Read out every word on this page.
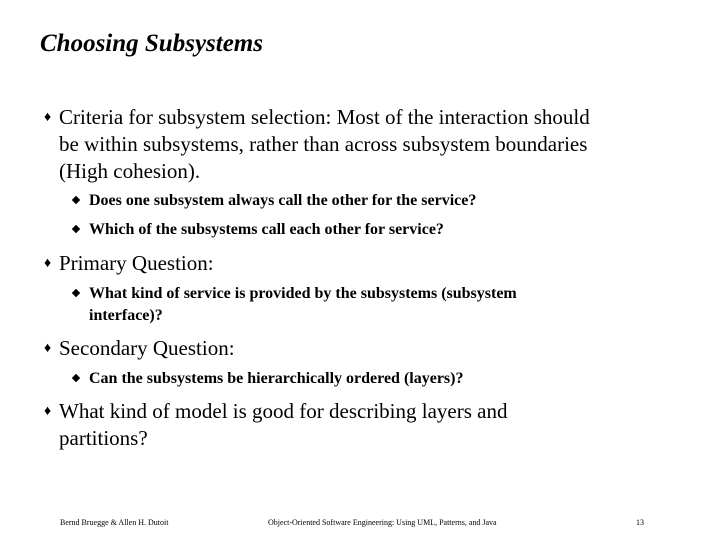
Choosing Subsystems
♦ Criteria for subsystem selection: Most of the interaction should
be within subsystems, rather than across subsystem boundaries
(High cohesion).
Does one subsystem always call the other for the service?
Which of the subsystems call each other for service?
♦ Primary Question:
What kind of service is provided by the subsystems (subsystem
interface)?
♦ Secondary Question:
Can the subsystems be hierarchically ordered (layers)?
♦ What kind of model is good for describing layers and
partitions?
Bernd Bruegge & Allen H. Dutoit	Object-Oriented Software Engineering: Using UML, Patterns, and Java	13
